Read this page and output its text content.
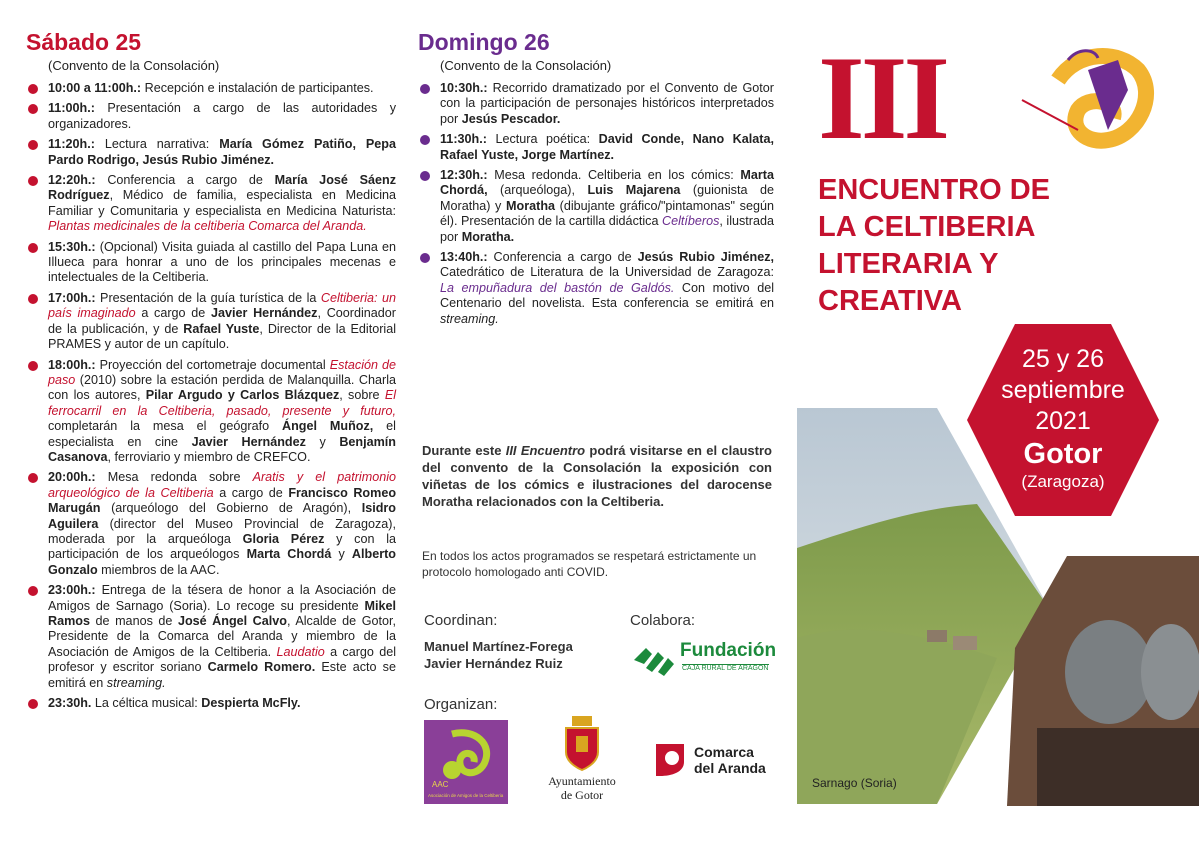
Sábado 25
(Convento de la Consolación)
10:00 a 11:00h.: Recepción e instalación de participantes.
11:00h.: Presentación a cargo de las autoridades y organizadores.
11:20h.: Lectura narrativa: María Gómez Patiño, Pepa Pardo Rodrigo, Jesús Rubio Jiménez.
12:20h.: Conferencia a cargo de María José Sáenz Rodríguez, Médico de familia, especialista en Medicina Familiar y Comunitaria y especialista en Medicina Naturista: Plantas medicinales de la celtiberia Comarca del Aranda.
15:30h.: (Opcional) Visita guiada al castillo del Papa Luna en Illueca para honrar a uno de los principales mecenas e intelectuales de la Celtiberia.
17:00h.: Presentación de la guía turística de la Celtiberia: un país imaginado a cargo de Javier Hernández, Coordinador de la publicación, y de Rafael Yuste, Director de la Editorial PRAMES y autor de un capítulo.
18:00h.: Proyección del cortometraje documental Estación de paso (2010) sobre la estación perdida de Malanquilla. Charla con los autores, Pilar Argudo y Carlos Blázquez, sobre El ferrocarril en la Celtiberia, pasado, presente y futuro, completarán la mesa el geógrafo Ángel Muñoz, el especialista en cine Javier Hernández y Benjamín Casanova, ferroviario y miembro de CREFCO.
20:00h.: Mesa redonda sobre Aratis y el patrimonio arqueológico de la Celtiberia a cargo de Francisco Romeo Marugán (arqueólogo del Gobierno de Aragón), Isidro Aguilera (director del Museo Provincial de Zaragoza), moderada por la arqueóloga Gloria Pérez y con la participación de los arqueólogos Marta Chordá y Alberto Gonzalo miembros de la AAC.
23:00h.: Entrega de la tésera de honor a la Asociación de Amigos de Sarnago (Soria). Lo recoge su presidente Mikel Ramos de manos de José Ángel Calvo, Alcalde de Gotor, Presidente de la Comarca del Aranda y miembro de la Asociación de Amigos de la Celtiberia. Laudatio a cargo del profesor y escritor soriano Carmelo Romero. Este acto se emitirá en streaming.
23:30h. La céltica musical: Despierta McFly.
Domingo 26
(Convento de la Consolación)
10:30h.: Recorrido dramatizado por el Convento de Gotor con la participación de personajes históricos interpretados por Jesús Pescador.
11:30h.: Lectura poética: David Conde, Nano Kalata, Rafael Yuste, Jorge Martínez.
12:30h.: Mesa redonda. Celtiberia en los cómics: Marta Chordá, (arqueóloga), Luis Majarena (guionista de Moratha) y Moratha (dibujante gráfico/"pintamonas" según él). Presentación de la cartilla didáctica Celtíberos, ilustrada por Moratha.
13:40h.: Conferencia a cargo de Jesús Rubio Jiménez, Catedrático de Literatura de la Universidad de Zaragoza: La empuñadura del bastón de Galdós. Con motivo del Centenario del novelista. Esta conferencia se emitirá en streaming.
Durante este III Encuentro podrá visitarse en el claustro del convento de la Consolación la exposición con viñetas de los cómics e ilustraciones del darocense Moratha relacionados con la Celtiberia.
En todos los actos programados se respetará estrictamente un protocolo homologado anti COVID.
Coordinan:
Manuel Martínez-Forega
Javier Hernández Ruiz
Colabora:
Fundación
CAJA RURAL DE ARAGON
Organizan:
AAC
Asociación de Amigos de la Celtiberia
Ayuntamiento
de Gotor
Comarca
del Aranda
III
ENCUENTRO DE
LA CELTIBERIA
LITERARIA Y
CREATIVA
Sarnago (Soria)
25 y 26
septiembre
2021
Gotor
(Zaragoza)
